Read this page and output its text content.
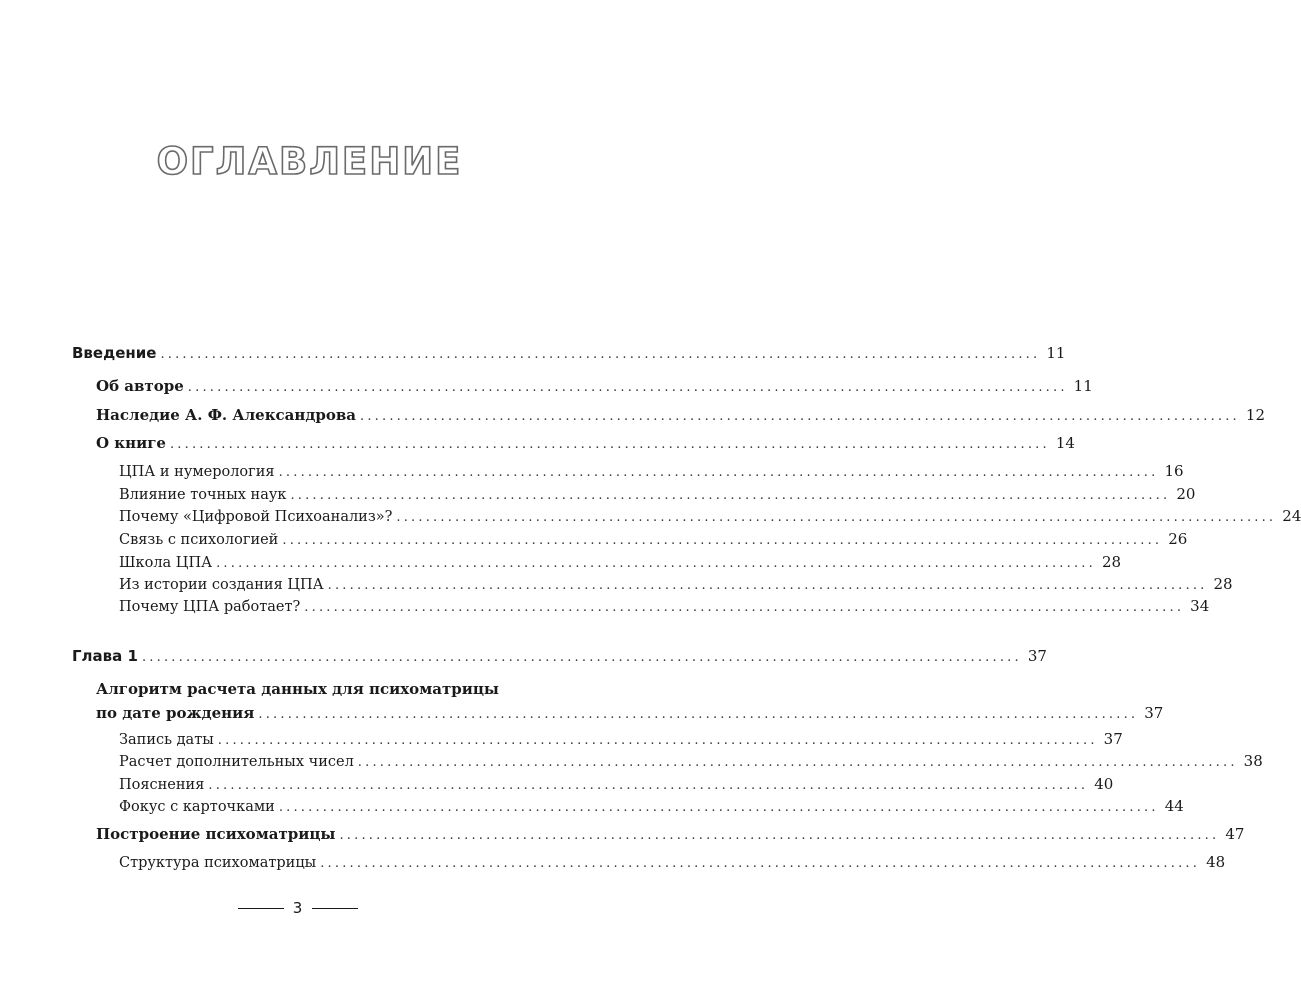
ОГЛАВЛЕНИЕ
Введение ........................................................................................................................ 11
Об авторе ........................................................................................................................ 11
Наследие А. Ф. Александрова ........................................................................................................................ 12
О книге ........................................................................................................................ 14
ЦПА и нумерология ........................................................................................................................ 16
Влияние точных наук ........................................................................................................................ 20
Почему «Цифровой Психоанализ»? ........................................................................................................................ 24
Связь с психологией ........................................................................................................................ 26
Школа ЦПА ........................................................................................................................ 28
Из истории создания ЦПА ........................................................................................................................ 28
Почему ЦПА работает? ........................................................................................................................ 34
Глава 1 ........................................................................................................................ 37
Алгоритм расчета данных для психоматрицы
по дате рождения ........................................................................................................................ 37
Запись даты ........................................................................................................................ 37
Расчет дополнительных чисел ........................................................................................................................ 38
Пояснения ........................................................................................................................ 40
Фокус с карточками ........................................................................................................................ 44
Построение психоматрицы ........................................................................................................................ 47
Структура психоматрицы ........................................................................................................................ 48
3
